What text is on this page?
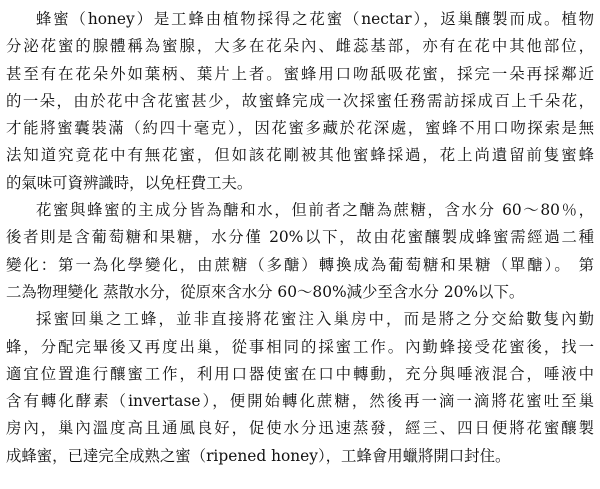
蜂蜜（honey）是工蜂由植物採得之花蜜（nectar），返巢釀製而成。植物
分泌花蜜的腺體稱為蜜腺，大多在花朵內、雌蕊基部，亦有在花中其他部位，
甚至有在花朵外如葉柄、葉片上者。蜜蜂用口吻舐吸花蜜，採完一朵再採鄰近
的一朵，由於花中含花蜜甚少，故蜜蜂完成一次採蜜任務需訪採成百上千朵花，
才能將蜜囊裝滿（約四十毫克），因花蜜多藏於花深處，蜜蜂不用口吻探索是無
法知道究竟花中有無花蜜，但如該花剛被其他蜜蜂採過，花上尚遺留前隻蜜蜂
的氣味可資辨識時，以免枉費工夫。
花蜜與蜂蜜的主成分皆為醣和水，但前者之醣為蔗糖，含水分 60～80％，
後者則是含葡萄糖和果糖，水分僅 20%以下，故由花蜜釀製成蜂蜜需經過二種
變化：第一為化學變化，由蔗糖（多醣）轉換成為葡萄糖和果糖（單醣）。 第
二為物理變化 蒸散水分，從原來含水分 60～80%減少至含水分 20%以下。
採蜜回巢之工蜂，並非直接將花蜜注入巢房中，而是將之分交給數隻內勤
蜂，分配完畢後又再度出巢，從事相同的採蜜工作。內勤蜂接受花蜜後，找一
適宜位置進行釀蜜工作，利用口器使蜜在口中轉動，充分與唾液混合，唾液中
含有轉化酵素（invertase），便開始轉化蔗糖，然後再一滴一滴將花蜜吐至巢
房內，巢內溫度高且通風良好，促使水分迅速蒸發，經三、四日便將花蜜釀製
成蜂蜜，已達完全成熟之蜜（ripened honey），工蜂會用蠟將開口封住。
